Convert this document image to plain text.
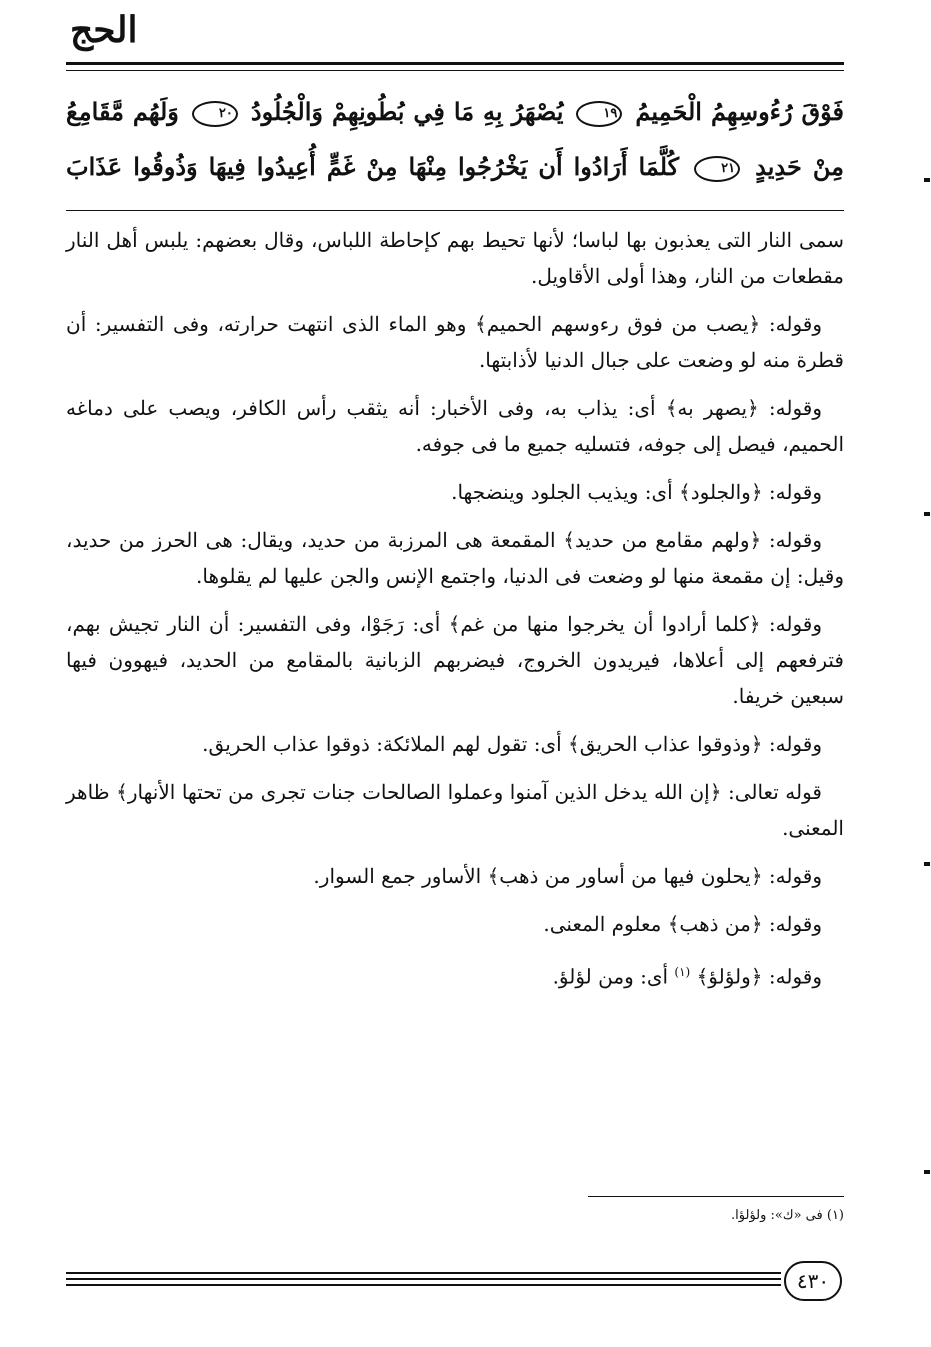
الحج
فَوْقَ رُءُوسِهِمُ الْحَمِيمُ ١٩ يُصْهَرُ بِهِ مَا فِي بُطُونِهِمْ وَالْجُلُودُ ٢٠ وَلَهُم مَّقَامِعُ
مِنْ حَدِيدٍ ٢١ كُلَّمَا أَرَادُوا أَن يَخْرُجُوا مِنْهَا مِنْ غَمٍّ أُعِيدُوا فِيهَا وَذُوقُوا عَذَابَ

سمى النار التى يعذبون بها لباسا؛ لأنها تحيط بهم كإحاطة اللباس، وقال بعضهم: يلبس أهل النار مقطعات من النار، وهذا أولى الأقاويل.

وقوله: ﴿يصب من فوق رءوسهم الحميم﴾ وهو الماء الذى انتهت حرارته، وفى التفسير: أن قطرة منه لو وضعت على جبال الدنيا لأذابتها.

وقوله: ﴿يصهر به﴾ أى: يذاب به، وفى الأخبار: أنه يثقب رأس الكافر، ويصب على دماغه الحميم، فيصل إلى جوفه، فتسليه جميع ما فى جوفه.

وقوله: ﴿والجلود﴾ أى: ويذيب الجلود وينضجها.

وقوله: ﴿ولهم مقامع من حديد﴾ المقمعة هى المرزبة من حديد، ويقال: هى الحرز من حديد، وقيل: إن مقمعة منها لو وضعت فى الدنيا، واجتمع الإنس والجن عليها لم يقلوها.

وقوله: ﴿كلما أرادوا أن يخرجوا منها من غم﴾ أى: رَجَوْا، وفى التفسير: أن النار تجيش بهم، فترفعهم إلى أعلاها، فيريدون الخروج، فيضربهم الزبانية بالمقامع من الحديد، فيهوون فيها سبعين خريفا.

وقوله: ﴿وذوقوا عذاب الحريق﴾ أى: تقول لهم الملائكة: ذوقوا عذاب الحريق.

قوله تعالى: ﴿إن الله يدخل الذين آمنوا وعملوا الصالحات جنات تجرى من تحتها الأنهار﴾ ظاهر المعنى.

وقوله: ﴿يحلون فيها من أساور من ذهب﴾ الأساور جمع السوار.

وقوله: ﴿من ذهب﴾ معلوم المعنى.

وقوله: ﴿ولؤلؤ﴾ $^{(١)}$ أى: ومن لؤلؤ.

(١) فى «ك»: ولؤلؤا.
٤٣٠
